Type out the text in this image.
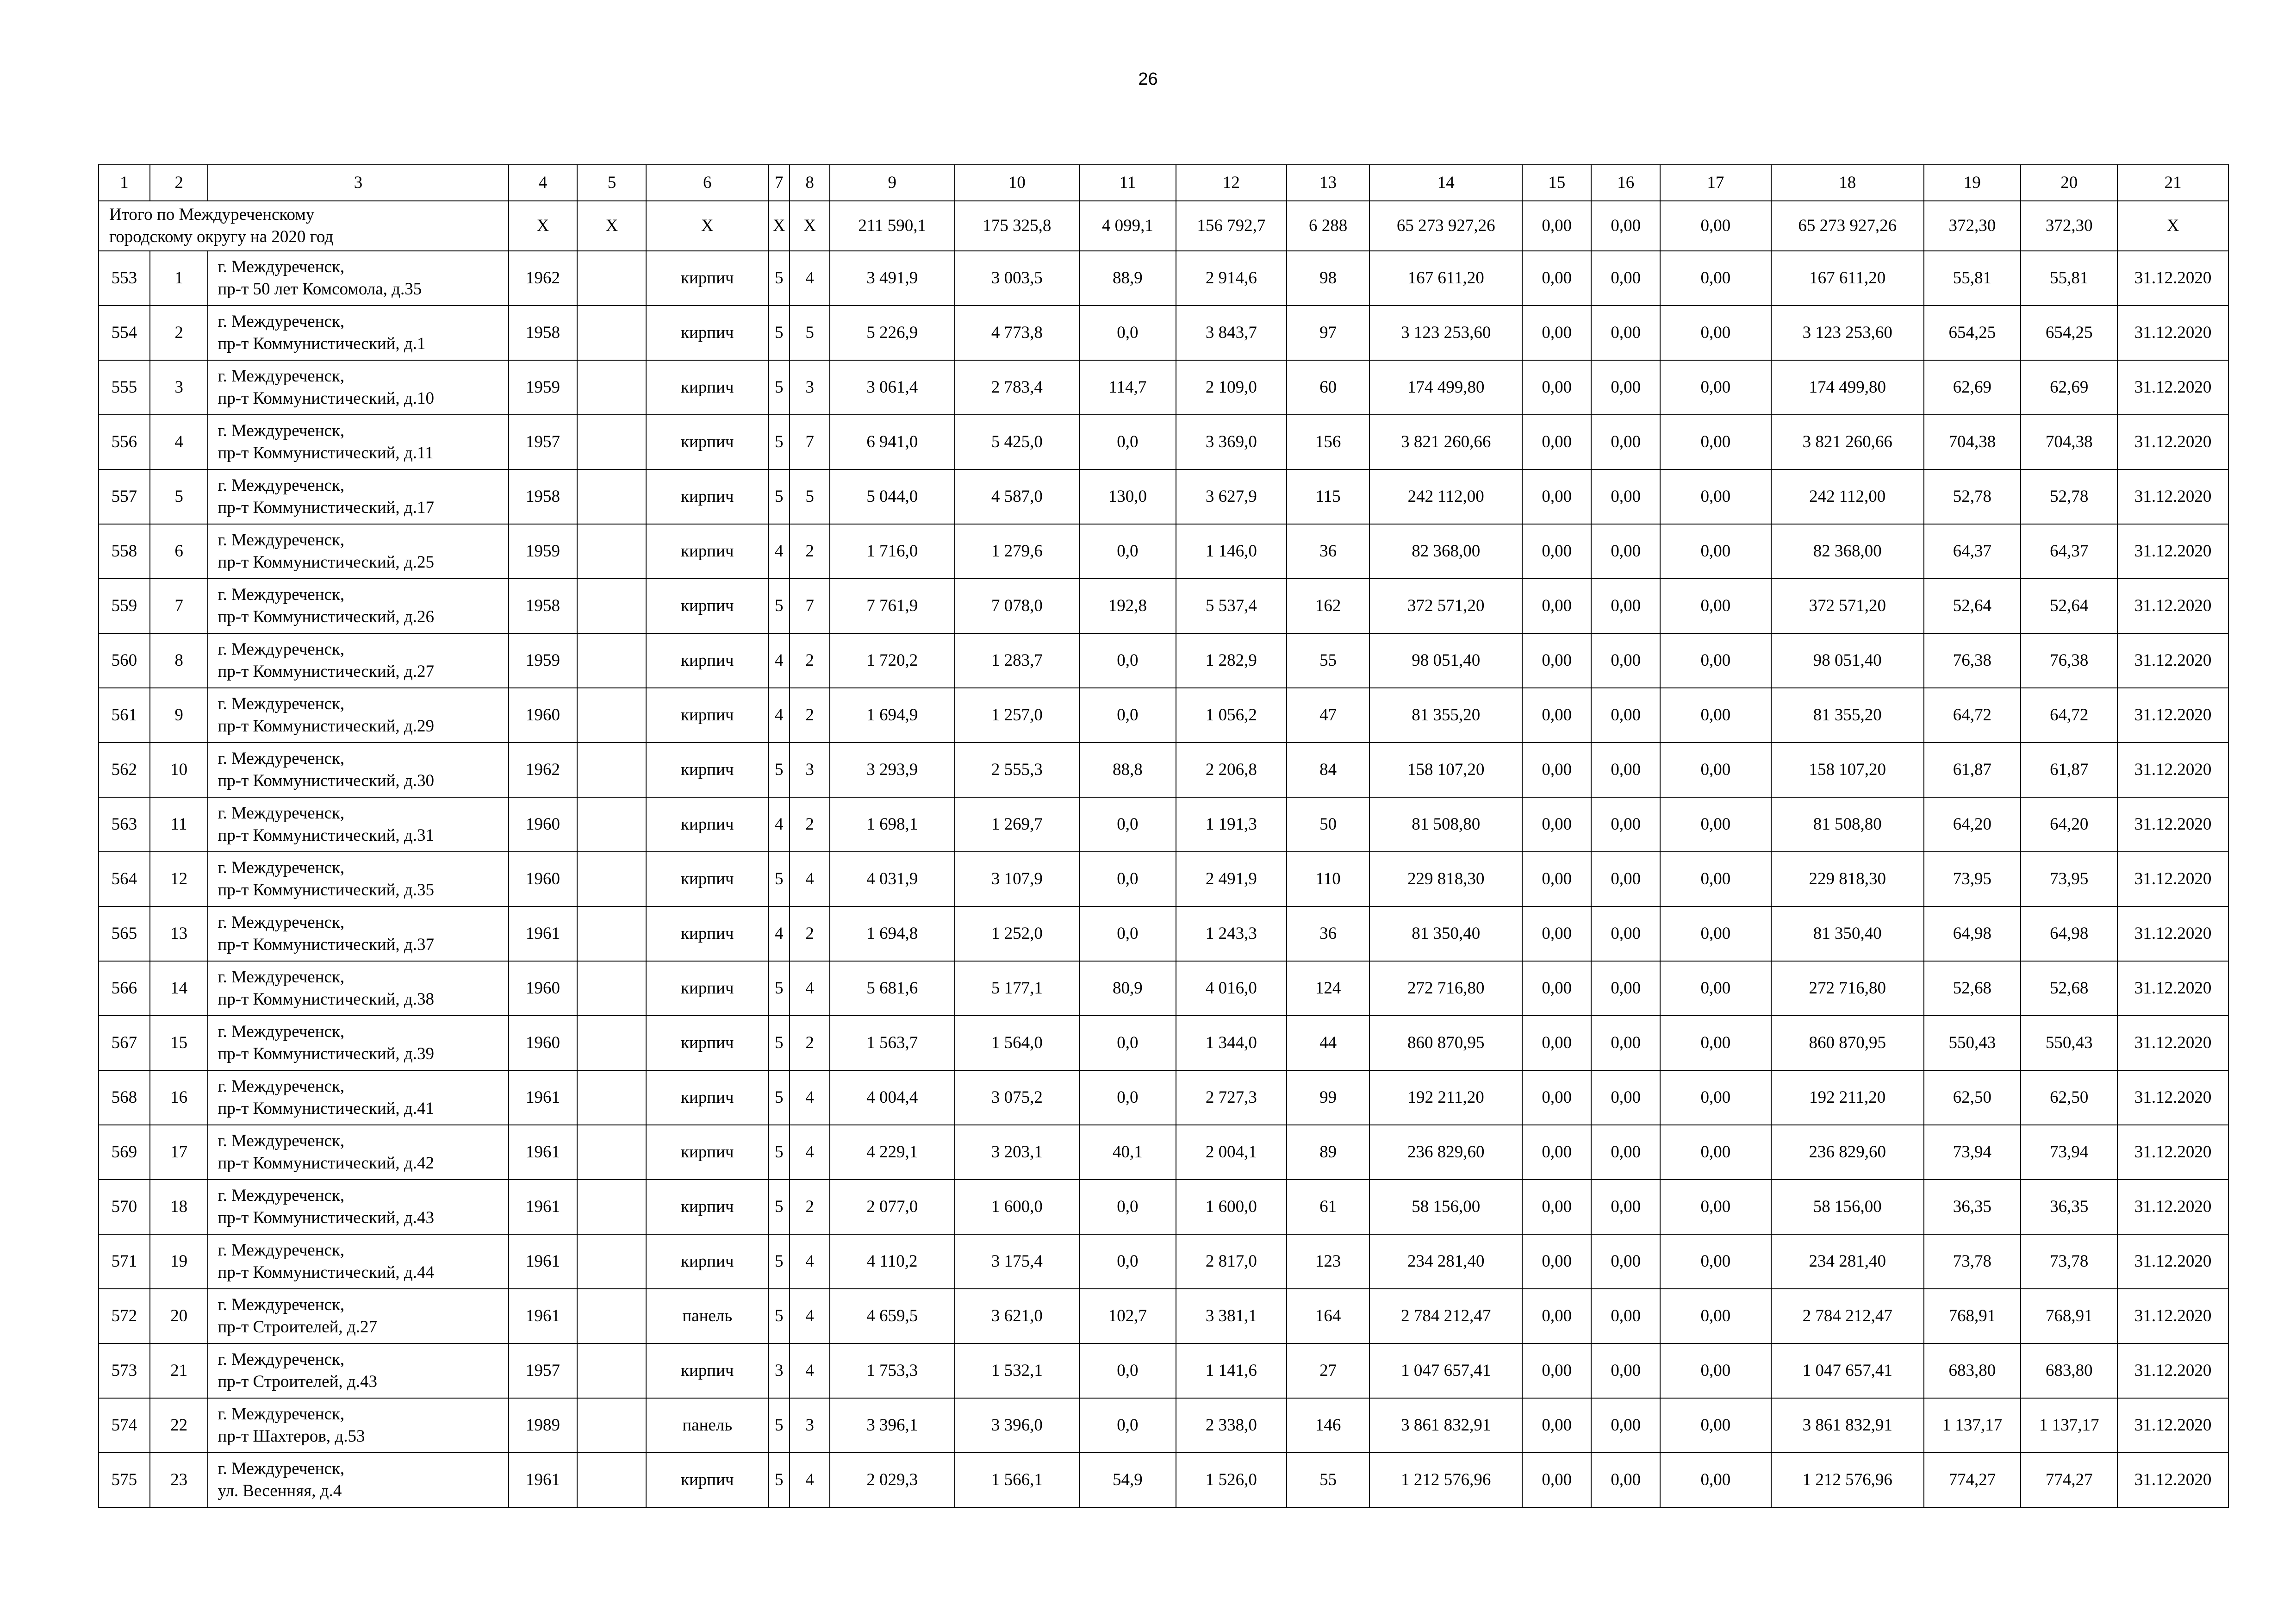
26
1	2	3	4	5	6	7	8	9	10	11	12	13	14	15	16	17	18	19	20	21

Итого по Междуреченскому
городскому округу на 2020 год			X	X	X	X	X	211 590,1	175 325,8	4 099,1	156 792,7	6 288	65 273 927,26	0,00	0,00	0,00	65 273 927,26	372,30	372,30	X
553	1	г. Междуреченск,
пр-т 50 лет Комсомола, д.35	1962		кирпич	5	4	3 491,9	3 003,5	88,9	2 914,6	98	167 611,20	0,00	0,00	0,00	167 611,20	55,81	55,81	31.12.2020
554	2	г. Междуреченск,
пр-т Коммунистический, д.1	1958		кирпич	5	5	5 226,9	4 773,8	0,0	3 843,7	97	3 123 253,60	0,00	0,00	0,00	3 123 253,60	654,25	654,25	31.12.2020
555	3	г. Междуреченск,
пр-т Коммунистический, д.10	1959		кирпич	5	3	3 061,4	2 783,4	114,7	2 109,0	60	174 499,80	0,00	0,00	0,00	174 499,80	62,69	62,69	31.12.2020
556	4	г. Междуреченск,
пр-т Коммунистический, д.11	1957		кирпич	5	7	6 941,0	5 425,0	0,0	3 369,0	156	3 821 260,66	0,00	0,00	0,00	3 821 260,66	704,38	704,38	31.12.2020
557	5	г. Междуреченск,
пр-т Коммунистический, д.17	1958		кирпич	5	5	5 044,0	4 587,0	130,0	3 627,9	115	242 112,00	0,00	0,00	0,00	242 112,00	52,78	52,78	31.12.2020
558	6	г. Междуреченск,
пр-т Коммунистический, д.25	1959		кирпич	4	2	1 716,0	1 279,6	0,0	1 146,0	36	82 368,00	0,00	0,00	0,00	82 368,00	64,37	64,37	31.12.2020
559	7	г. Междуреченск,
пр-т Коммунистический, д.26	1958		кирпич	5	7	7 761,9	7 078,0	192,8	5 537,4	162	372 571,20	0,00	0,00	0,00	372 571,20	52,64	52,64	31.12.2020
560	8	г. Междуреченск,
пр-т Коммунистический, д.27	1959		кирпич	4	2	1 720,2	1 283,7	0,0	1 282,9	55	98 051,40	0,00	0,00	0,00	98 051,40	76,38	76,38	31.12.2020
561	9	г. Междуреченск,
пр-т Коммунистический, д.29	1960		кирпич	4	2	1 694,9	1 257,0	0,0	1 056,2	47	81 355,20	0,00	0,00	0,00	81 355,20	64,72	64,72	31.12.2020
562	10	г. Междуреченск,
пр-т Коммунистический, д.30	1962		кирпич	5	3	3 293,9	2 555,3	88,8	2 206,8	84	158 107,20	0,00	0,00	0,00	158 107,20	61,87	61,87	31.12.2020
563	11	г. Междуреченск,
пр-т Коммунистический, д.31	1960		кирпич	4	2	1 698,1	1 269,7	0,0	1 191,3	50	81 508,80	0,00	0,00	0,00	81 508,80	64,20	64,20	31.12.2020
564	12	г. Междуреченск,
пр-т Коммунистический, д.35	1960		кирпич	5	4	4 031,9	3 107,9	0,0	2 491,9	110	229 818,30	0,00	0,00	0,00	229 818,30	73,95	73,95	31.12.2020
565	13	г. Междуреченск,
пр-т Коммунистический, д.37	1961		кирпич	4	2	1 694,8	1 252,0	0,0	1 243,3	36	81 350,40	0,00	0,00	0,00	81 350,40	64,98	64,98	31.12.2020
566	14	г. Междуреченск,
пр-т Коммунистический, д.38	1960		кирпич	5	4	5 681,6	5 177,1	80,9	4 016,0	124	272 716,80	0,00	0,00	0,00	272 716,80	52,68	52,68	31.12.2020
567	15	г. Междуреченск,
пр-т Коммунистический, д.39	1960		кирпич	5	2	1 563,7	1 564,0	0,0	1 344,0	44	860 870,95	0,00	0,00	0,00	860 870,95	550,43	550,43	31.12.2020
568	16	г. Междуреченск,
пр-т Коммунистический, д.41	1961		кирпич	5	4	4 004,4	3 075,2	0,0	2 727,3	99	192 211,20	0,00	0,00	0,00	192 211,20	62,50	62,50	31.12.2020
569	17	г. Междуреченск,
пр-т Коммунистический, д.42	1961		кирпич	5	4	4 229,1	3 203,1	40,1	2 004,1	89	236 829,60	0,00	0,00	0,00	236 829,60	73,94	73,94	31.12.2020
570	18	г. Междуреченск,
пр-т Коммунистический, д.43	1961		кирпич	5	2	2 077,0	1 600,0	0,0	1 600,0	61	58 156,00	0,00	0,00	0,00	58 156,00	36,35	36,35	31.12.2020
571	19	г. Междуреченск,
пр-т Коммунистический, д.44	1961		кирпич	5	4	4 110,2	3 175,4	0,0	2 817,0	123	234 281,40	0,00	0,00	0,00	234 281,40	73,78	73,78	31.12.2020
572	20	г. Междуреченск,
пр-т Строителей, д.27	1961		панель	5	4	4 659,5	3 621,0	102,7	3 381,1	164	2 784 212,47	0,00	0,00	0,00	2 784 212,47	768,91	768,91	31.12.2020
573	21	г. Междуреченск,
пр-т Строителей, д.43	1957		кирпич	3	4	1 753,3	1 532,1	0,0	1 141,6	27	1 047 657,41	0,00	0,00	0,00	1 047 657,41	683,80	683,80	31.12.2020
574	22	г. Междуреченск,
пр-т Шахтеров, д.53	1989		панель	5	3	3 396,1	3 396,0	0,0	2 338,0	146	3 861 832,91	0,00	0,00	0,00	3 861 832,91	1 137,17	1 137,17	31.12.2020
575	23	г. Междуреченск,
ул. Весенняя, д.4	1961		кирпич	5	4	2 029,3	1 566,1	54,9	1 526,0	55	1 212 576,96	0,00	0,00	0,00	1 212 576,96	774,27	774,27	31.12.2020
